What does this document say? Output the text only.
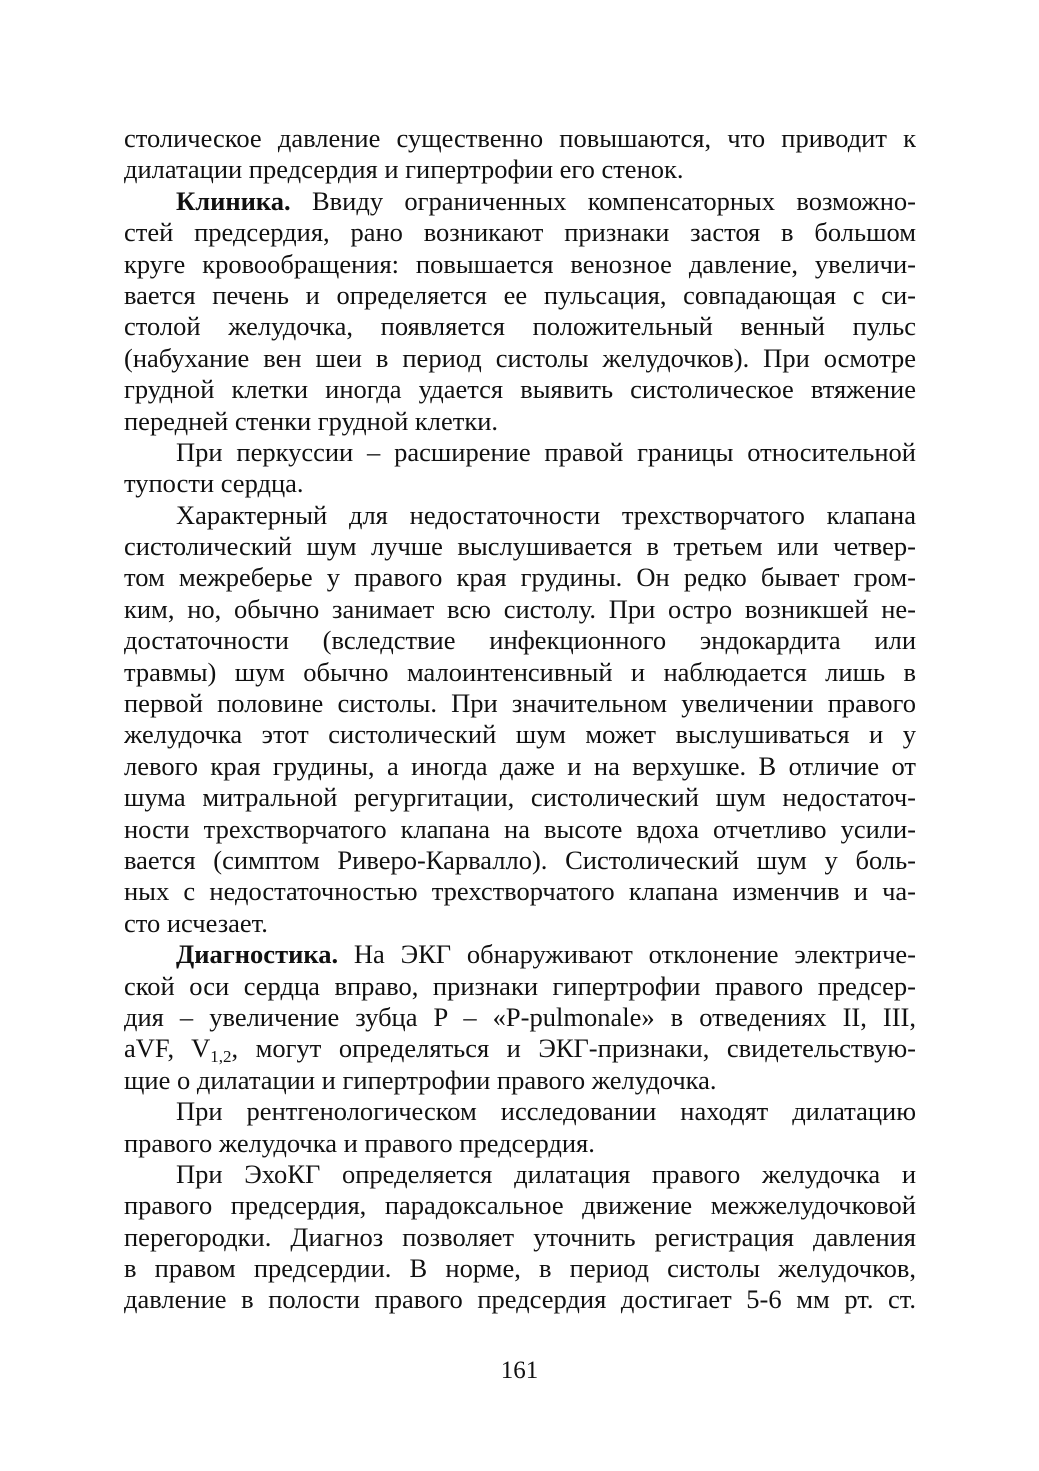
столическое давление существенно повышаются, что приводит к
дилатации предсердия и гипертрофии его стенок.
Клиника. Ввиду ограниченных компенсаторных возможно-
стей предсердия, рано возникают признаки застоя в большом
круге кровообращения: повышается венозное давление, увеличи-
вается печень и определяется ее пульсация, совпадающая с си-
столой желудочка, появляется положительный венный пульс
(набухание вен шеи в период систолы желудочков). При осмотре
грудной клетки иногда удается выявить систолическое втяжение
передней стенки грудной клетки.
При перкуссии – расширение правой границы относительной
тупости сердца.
Характерный для недостаточности трехстворчатого клапана
систолический шум лучше выслушивается в третьем или четвер-
том межреберье у правого края грудины. Он редко бывает гром-
ким, но, обычно занимает всю систолу. При остро возникшей не-
достаточности (вследствие инфекционного эндокардита или
травмы) шум обычно малоинтенсивный и наблюдается лишь в
первой половине систолы. При значительном увеличении правого
желудочка этот систолический шум может выслушиваться и у
левого края грудины, а иногда даже и на верхушке. В отличие от
шума митральной регургитации, систолический шум недостаточ-
ности трехстворчатого клапана на высоте вдоха отчетливо усили-
вается (симптом Риверо-Карвалло). Систолический шум у боль-
ных с недостаточностью трехстворчатого клапана изменчив и ча-
сто исчезает.
Диагностика. На ЭКГ обнаруживают отклонение электриче-
ской оси сердца вправо, признаки гипертрофии правого предсер-
дия – увеличение зубца P – «P-pulmonale» в отведениях II, III,
aVF, $V_{1,2}$, могут определяться и ЭКГ-признаки, свидетельствую-
щие о дилатации и гипертрофии правого желудочка.
При рентгенологическом исследовании находят дилатацию
правого желудочка и правого предсердия.
При ЭхоКГ определяется дилатация правого желудочка и
правого предсердия, парадоксальное движение межжелудочковой
перегородки. Диагноз позволяет уточнить регистрация давления
в правом предсердии. В норме, в период систолы желудочков,
давление в полости правого предсердия достигает 5-6 мм рт. ст.
161
